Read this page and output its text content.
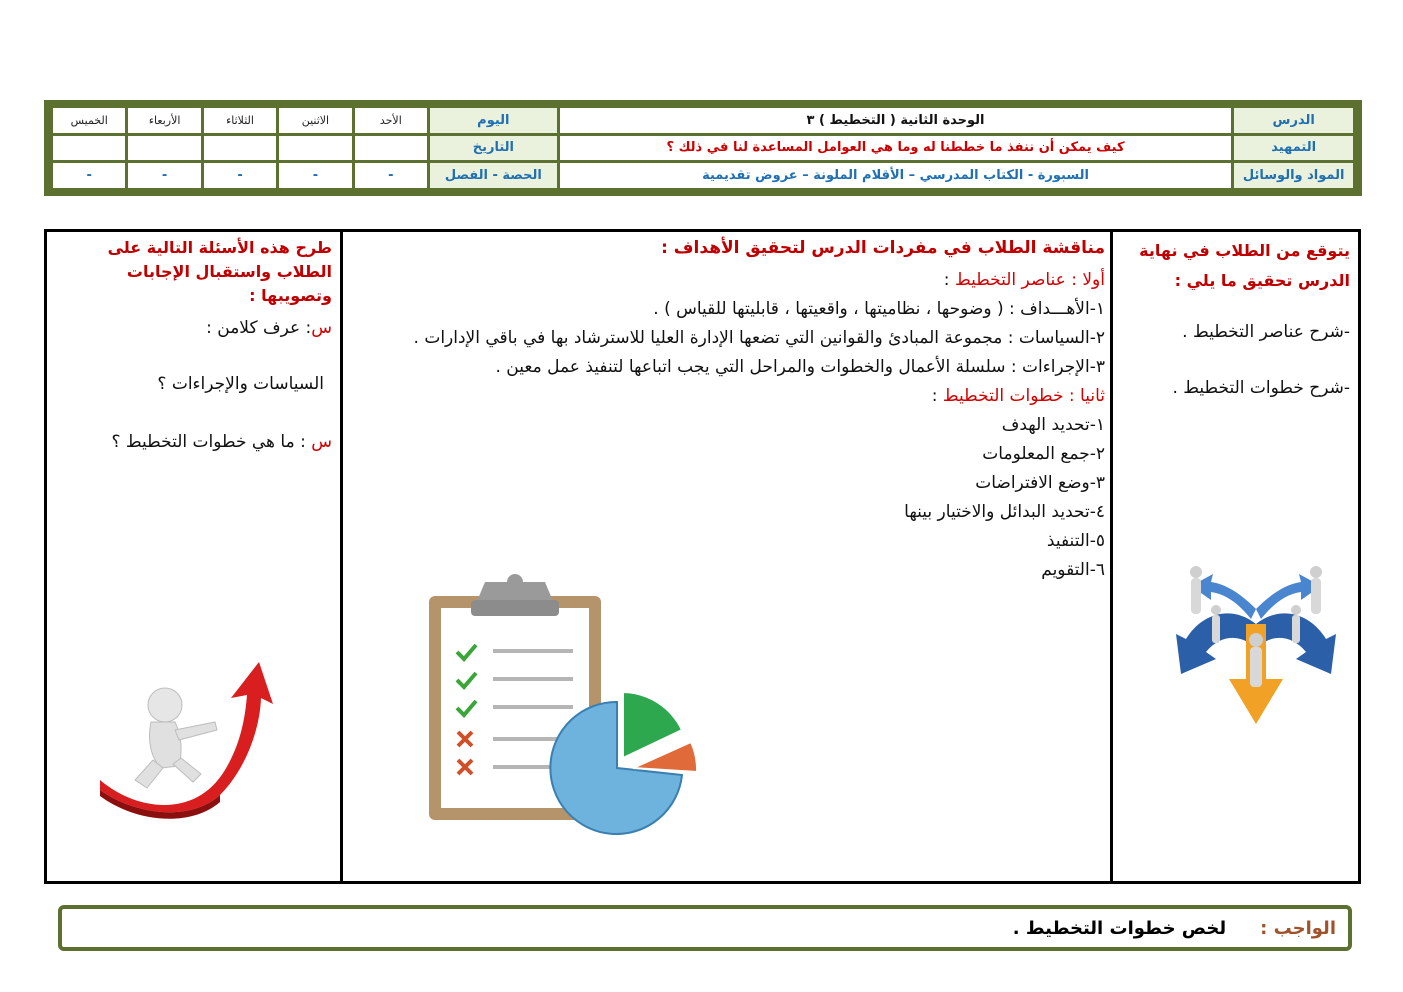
الدرس	الوحدة الثانية ( التخطيط ) ٣	اليوم	الأحد	الاثنين	الثلاثاء	الأربعاء	الخميس
التمهيد	كيف يمكن أن ننفذ ما خططنا له وما هي العوامل المساعدة لنا في ذلك ؟	التاريخ					
المواد والوسائل	السبورة - الكتاب المدرسي – الأقلام الملونة – عروض تقديمية	الحصة - الفصل	-	-	-	-	-
طرح هذه الأسئلة التالية على الطلاب واستقبال الإجابات وتصويبها :
س: عرف كلامن :
السياسات والإجراءات ؟
س : ما هي خطوات التخطيط ؟
مناقشة الطلاب في مفردات الدرس لتحقيق الأهداف :
أولا : عناصر التخطيط :
١-الأهـــداف : ( وضوحها ، نظاميتها ، واقعيتها ، قابليتها للقياس ) .
٢-السياسات : مجموعة المبادئ والقوانين التي تضعها الإدارة العليا للاسترشاد بها في باقي الإدارات .
٣-الإجراءات : سلسلة الأعمال والخطوات والمراحل التي يجب اتباعها لتنفيذ عمل معين .
ثانيا : خطوات التخطيط :
١-تحديد الهدف
٢-جمع المعلومات
٣-وضع الافتراضات
٤-تحديد البدائل والاختيار بينها
٥-التنفيذ
٦-التقويم
يتوقع من الطلاب في نهاية الدرس تحقيق ما يلي :
-شرح عناصر التخطيط .
-شرح خطوات التخطيط .
الواجب :
لخص خطوات التخطيط .
